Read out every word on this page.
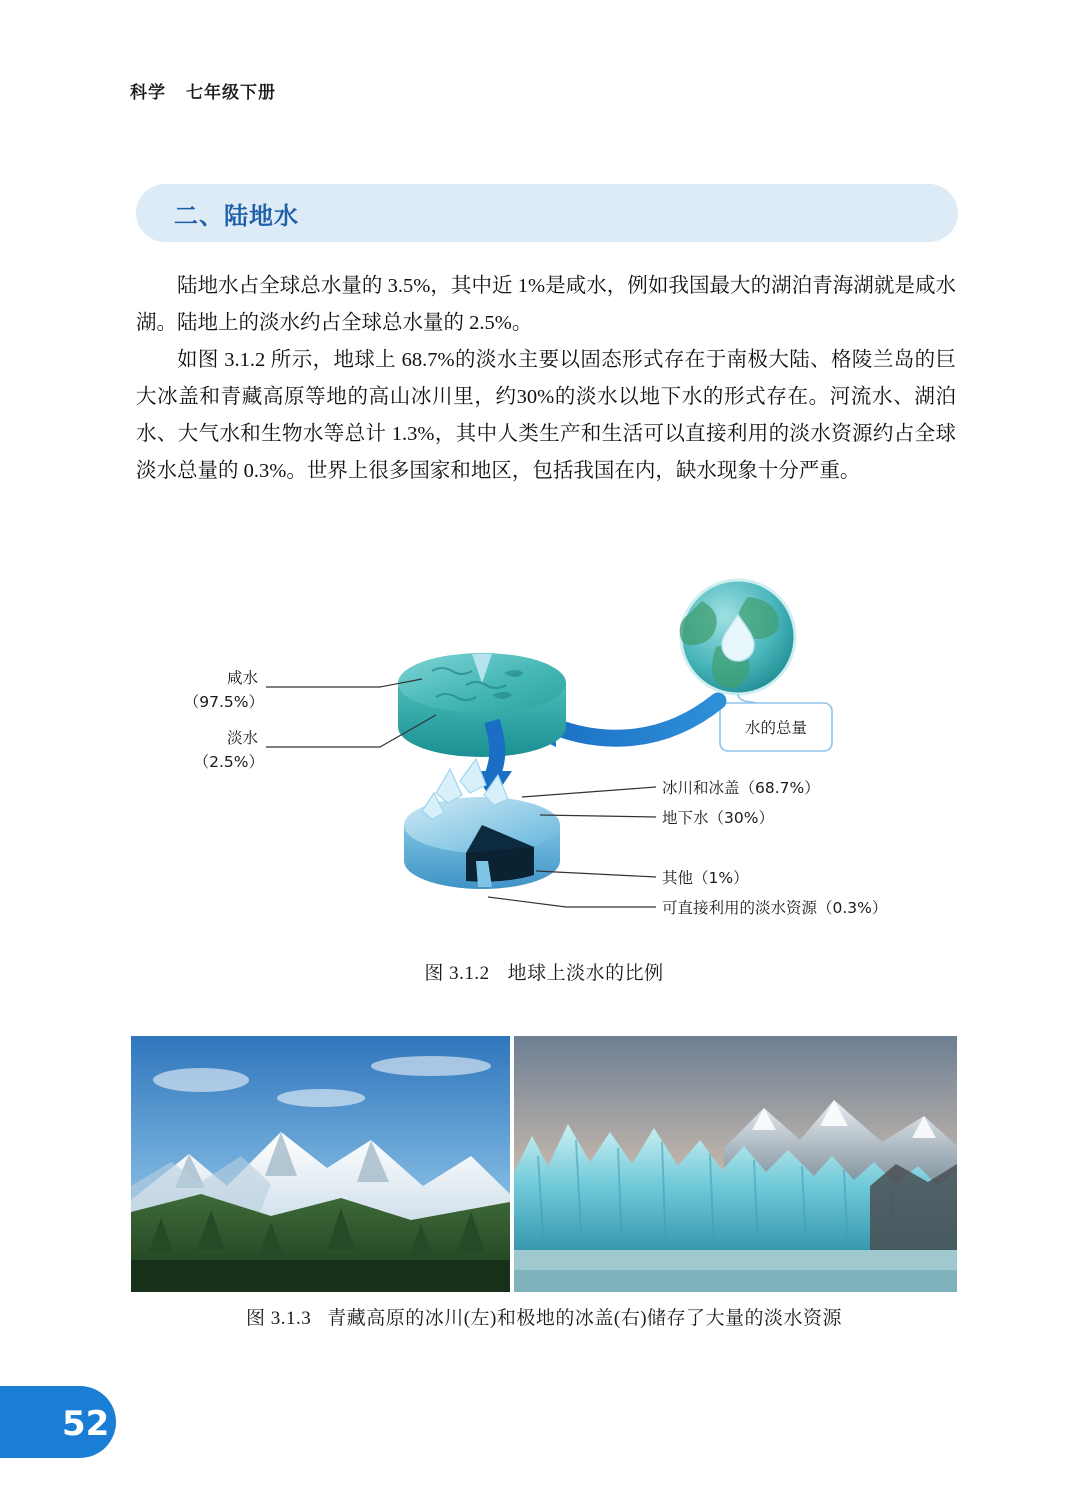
科学 七年级下册
二、陆地水

陆地水占全球总水量的 3.5%，其中近 1%是咸水，例如我国最大的湖泊青海湖就是咸水湖。陆地上的淡水约占全球总水量的 2.5%。

如图 3.1.2 所示，地球上 68.7%的淡水主要以固态形式存在于南极大陆、格陵兰岛的巨大冰盖和青藏高原等地的高山冰川里，约30%的淡水以地下水的形式存在。河流水、湖泊水、大气水和生物水等总计 1.3%，其中人类生产和生活可以直接利用的淡水资源约占全球淡水总量的 0.3%。世界上很多国家和地区，包括我国在内，缺水现象十分严重。

水的总量
咸水
（97.5%）
淡水
（2.5%）
冰川和冰盖（68.7%）
地下水（30%）
其他（1%）
可直接利用的淡水资源（0.3%）
图 3.1.2 地球上淡水的比例
图 3.1.3 青藏高原的冰川(左)和极地的冰盖(右)储存了大量的淡水资源
52
